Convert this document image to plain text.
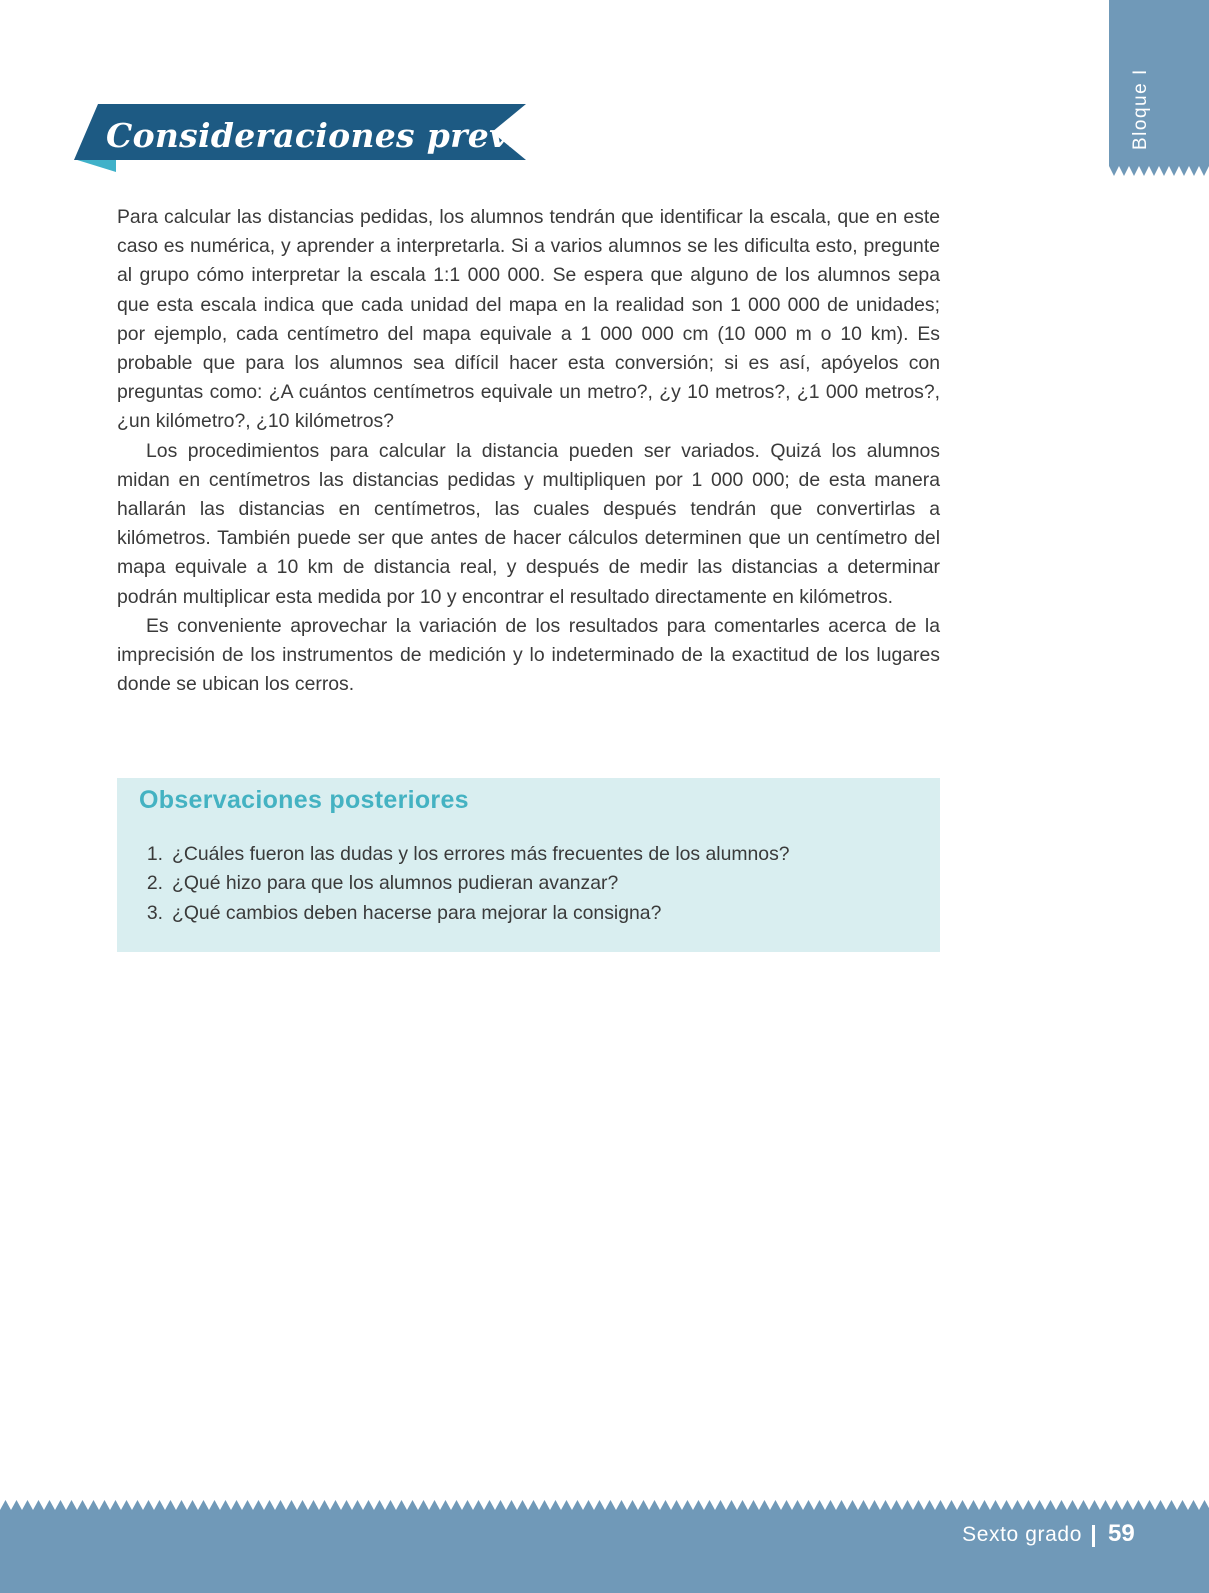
Bloque I
Consideraciones previas

Para calcular las distancias pedidas, los alumnos tendrán que identificar la escala, que en este caso es numérica, y aprender a interpretarla. Si a varios alumnos se les dificulta esto, pregunte al grupo cómo interpretar la escala 1:1 000 000. Se espera que alguno de los alumnos sepa que esta escala indica que cada unidad del mapa en la realidad son 1 000 000 de unidades; por ejemplo, cada centímetro del mapa equivale a 1 000 000 cm (10 000 m o 10 km). Es probable que para los alumnos sea difícil hacer esta conversión; si es así, apóyelos con preguntas como: ¿A cuántos centímetros equivale un metro?, ¿y 10 metros?, ¿1 000 metros?, ¿un kilómetro?, ¿10 kilómetros?

Los procedimientos para calcular la distancia pueden ser variados. Quizá los alumnos midan en centímetros las distancias pedidas y multipliquen por 1 000 000; de esta manera hallarán las distancias en centímetros, las cuales después tendrán que convertirlas a kilómetros. También puede ser que antes de hacer cálculos determinen que un centímetro del mapa equivale a 10 km de distancia real, y después de medir las distancias a determinar podrán multiplicar esta medida por 10 y encontrar el resultado directamente en kilómetros.

Es conveniente aprovechar la variación de los resultados para comentarles acerca de la imprecisión de los instrumentos de medición y lo indeterminado de la exactitud de los lugares donde se ubican los cerros.

Observaciones posteriores
1. ¿Cuáles fueron las dudas y los errores más frecuentes de los alumnos?
2. ¿Qué hizo para que los alumnos pudieran avanzar?
3. ¿Qué cambios deben hacerse para mejorar la consigna?
Sexto grado 59
